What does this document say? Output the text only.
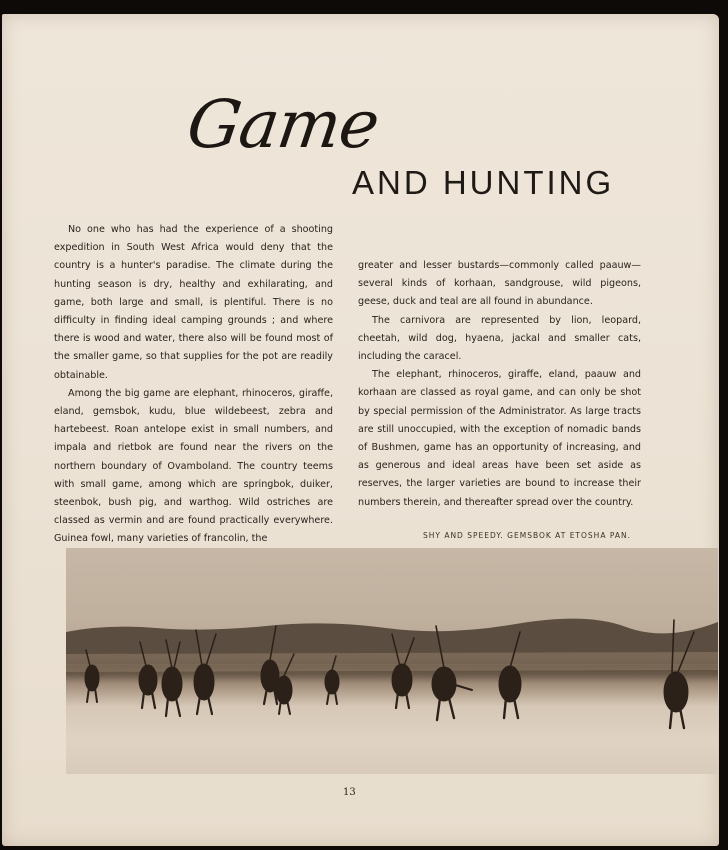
Game
AND HUNTING

No one who has had the experience of a shooting expedition in South West Africa would deny that the country is a hunter's paradise. The climate during the hunting season is dry, healthy and exhilarating, and game, both large and small, is plentiful. There is no difficulty in finding ideal camping grounds ; and where there is wood and water, there also will be found most of the smaller game, so that supplies for the pot are readily obtainable.

Among the big game are elephant, rhinoceros, giraffe, eland, gemsbok, kudu, blue wildebeest, zebra and hartebeest. Roan antelope exist in small numbers, and impala and rietbok are found near the rivers on the northern boundary of Ovamboland. The country teems with small game, among which are springbok, duiker, steenbok, bush pig, and warthog. Wild ostriches are classed as vermin and are found practically everywhere. Guinea fowl, many varieties of francolin, the

greater and lesser bustards—commonly called paauw— several kinds of korhaan, sandgrouse, wild pigeons, geese, duck and teal are all found in abundance.

The carnivora are represented by lion, leopard, cheetah, wild dog, hyaena, jackal and smaller cats, including the caracel.

The elephant, rhinoceros, giraffe, eland, paauw and korhaan are classed as royal game, and can only be shot by special permission of the Administrator. As large tracts are still unoccupied, with the exception of nomadic bands of Bushmen, game has an opportunity of increasing, and as generous and ideal areas have been set aside as reserves, the larger varieties are bound to increase their numbers therein, and thereafter spread over the country.

SHY AND SPEEDY. GEMSBOK AT ETOSHA PAN.
13
